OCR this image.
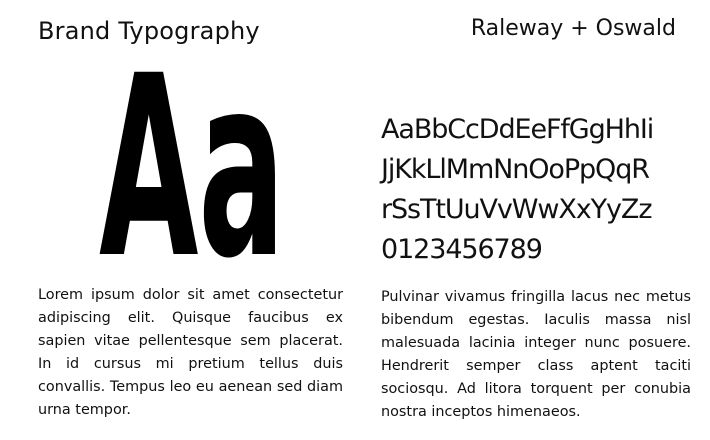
Brand Typography	Raleway + Oswald
Aa	AaBbCcDdEeFfGgHhIi
JjKkLlMmNnOoPpQqR
rSsTtUuVvWwXxYyZz
0123456789
Lorem ipsum dolor sit amet consectetur adipiscing elit. Quisque faucibus ex sapien vitae pellentesque sem placerat. In id cursus mi pretium tellus duis convallis. Tempus leo eu aenean sed diam urna tempor.
Pulvinar vivamus fringilla lacus nec metus bibendum egestas. Iaculis massa nisl malesuada lacinia integer nunc posuere. Hendrerit semper class aptent taciti sociosqu. Ad litora torquent per conubia nostra inceptos himenaeos.
